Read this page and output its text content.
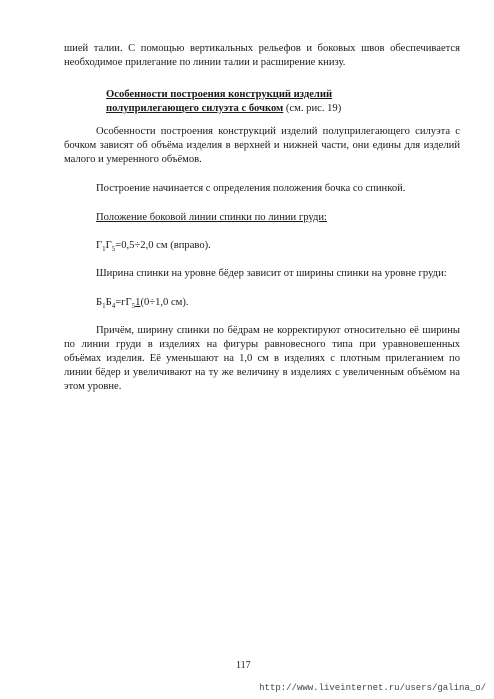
шией талии. С помощью вертикальных рельефов и боковых швов обеспечивается необходимое прилегание по линии талии и расширение книзу.

Особенности построения конструкций изделий
полуприлегающего силуэта с бочком (см. рис. 19)

Особенности построения конструкций изделий полуприлегающего силуэта с бочком зависят об объёма изделия в верхней и нижней части, они едины для изделий малого и умеренного объёмов.

Построение начинается с определения положения бочка со спинкой.

Положение боковой линии спинки по линии груди:

$Г_1Г_5=0,5\div 2,0$ см (вправо).

Ширина спинки на уровне бёдер зависит от ширины спинки на уровне груди:

$Б_1Б_4=гГ_51(0\div 1,0$ см).

Причём, ширину спинки по бёдрам не корректируют относительно её ширины по линии груди в изделиях на фигуры равновесного типа при уравновешенных объёмах изделия. Её уменьшают на 1,0 см в изделиях с плотным прилеганием по линии бёдер и увеличивают на ту же величину в изделиях с увеличенным объёмом на этом уровне.

117

http://www.liveinternet.ru/users/galina_o/
